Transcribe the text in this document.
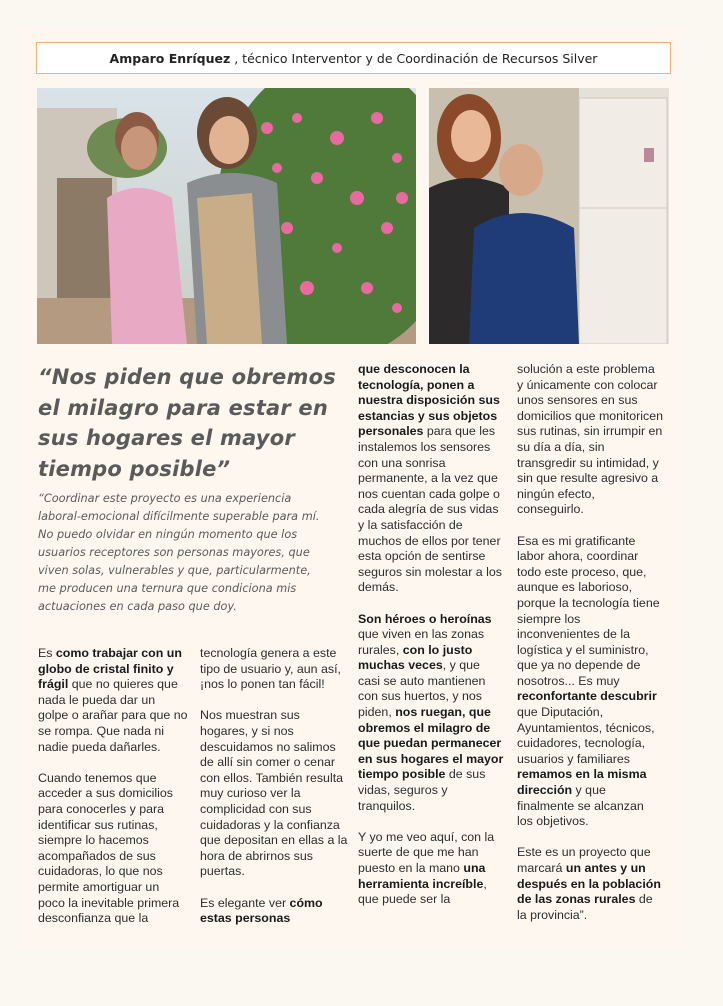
Amparo Enríquez , técnico Interventor y de Coordinación de Recursos Silver
“Nos piden que obremos el milagro para estar en sus hogares el mayor tiempo posible”

“Coordinar este proyecto es una experiencia laboral-emocional difícilmente superable para mí. No puedo olvidar en ningún momento que los usuarios receptores son personas mayores, que viven solas, vulnerables y que, particularmente, me producen una ternura que condiciona mis actuaciones en cada paso que doy.

Es como trabajar con un globo de cristal finito y frágil que no quieres que nada le pueda dar un golpe o arañar para que no se rompa. Que nada ni nadie pueda dañarles.

Cuando tenemos que acceder a sus domicilios para conocerles y para identificar sus rutinas, siempre lo hacemos acompañados de sus cuidadoras, lo que nos permite amortiguar un poco la inevitable primera desconfianza que la

tecnología genera a este tipo de usuario y, aun así, ¡nos lo ponen tan fácil!

Nos muestran sus hogares, y si nos descuidamos no salimos de allí sin comer o cenar con ellos. También resulta muy curioso ver la complicidad con sus cuidadoras y la confianza que depositan en ellas a la hora de abrirnos sus puertas.

Es elegante ver cómo estas personas

que desconocen la tecnología, ponen a nuestra disposición sus estancias y sus objetos personales para que les instalemos los sensores con una sonrisa permanente, a la vez que nos cuentan cada golpe o cada alegría de sus vidas y la satisfacción de muchos de ellos por tener esta opción de sentirse seguros sin molestar a los demás.

Son héroes o heroínas que viven en las zonas rurales, con lo justo muchas veces, y que casi se auto mantienen con sus huertos, y nos piden, nos ruegan, que obremos el milagro de que puedan permanecer en sus hogares el mayor tiempo posible de sus vidas, seguros y tranquilos.

Y yo me veo aquí, con la suerte de que me han puesto en la mano una herramienta increíble, que puede ser la

solución a este problema y únicamente con colocar unos sensores en sus domicilios que monitoricen sus rutinas, sin irrumpir en su día a día, sin transgredir su intimidad, y sin que resulte agresivo a ningún efecto, conseguirlo.

Esa es mi gratificante labor ahora, coordinar todo este proceso, que, aunque es laborioso, porque la tecnología tiene siempre los inconvenientes de la logística y el suministro, que ya no depende de nosotros... Es muy reconfortante descubrir que Diputación, Ayuntamientos, técnicos, cuidadores, tecnología, usuarios y familiares remamos en la misma dirección y que finalmente se alcanzan los objetivos.

Este es un proyecto que marcará un antes y un después en la población de las zonas rurales de la provincia”.
